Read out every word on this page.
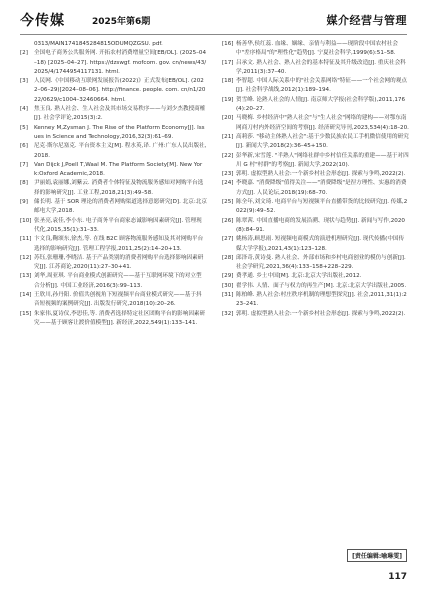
今传媒	2025年第6期	媒介经营与管理
0313/MAIN1741845284815ODUMQZGSU. pdf.
[2]	全国电子商务公共服务网. 开拓农村消费增量空间[EB/OL]. (2025–04–18) [2025–04–27]. https://dzswgf. mofcom. gov. cn/news/43/2025/4/1744954117131. html.
[3]	人民网.《中国移动互联网发展报告(2022)》正式发布[EB/OL]. (2022–06–29)[2024–08–06]. http://finance. people. com. cn/n1/2022/0629/c1004–32460664. html.
[4]	焦玉良. 熟人社会、生人社会及其市场交易秩序——与刘少杰教授商榷[J]. 社会学评论,2015(3):2.
[5]	Kenney M,Zysman J. The Rise of the Platform Economy[J]. Issues in Science and Technology,2016,32(3):61–69.
[6]	尼克·斯尔尼塞克. 平台资本主义[M]. 程水英,译. 广州:广东人民出版社,2018.
[7]	Van Dijck J,Poell T,Waal M. The Platform Society[M]. New York:Oxford Academic,2018.
[8]	尹丽娟,袁丽娜,刘紫云. 消费者个体特征及物流服务感知对网购平台选择的影响研究[J]. 工业工程,2018,21(3):49–58.
[9]	储长明. 基于 SOR 理论的消费者网购渠道选择意愿研究[D]. 北京:北京邮电大学,2018.
[10] 张圣亮,袁佳,李小东. 电子商务平台商家态诚影响因素研究[J]. 管理现代化,2015,35(1):31–33.
[11] 卞文良,鞠颂东,徐杰,等. 在线 B2C 顾客物流服务感知及其对网购平台选择的影响研究[J]. 管理工程学报,2011,25(2):14–20+13.
[12] 苏钰,张珊珊,李晓洁. 基于产品类别的消费者网购平台选择影响因素研究[J]. 江苏商论,2020(11):27–30+41.
[13] 刘华,周亚琪. 平台商业模式创新研究——基于互联网环境下的对立型合分析[J]. 中国工业经济,2016(3):99–113.
[14] 王欣川,孙丹阳. 价值共创视角下短视频平台商业模式研究——基于抖音短视频的案例研究[J]. 出版发行研究,2018(10):20–26.
[15] 朱家伟,夏诗仪,李思佳,等. 消费者选择特定社区团购平台的影响因素研究——基于顾客让渡价值模型[J]. 新经济,2022,549(1):133–141.
[16] 杨善华,侯红蕊. 血缘、姻缘、亲情与利益——现阶段中国农村社会中"差序格局"的"理性化"趋势[J]. 宁夏社会科学,1999(6):51–58.
[17] 吕承文. 熟人社会、熟人社会的基本特征及其升级改造[J]. 重庆社会科学,2011(3):37–40.
[18] 李智超. 中国人际关系中的"社会关系网络"特征——一个社会网的观点[J]. 社会科学战线,2012(1):189–194.
[19] 贺雪峰. 论熟人社会的人情[J]. 南京师大学报(社会科学版),2011,176(4):20–27.
[20] 马晓梅. 乡村经济中"熟人社会"与"生人社会"网络的建构——对鄂东南网商刀村内外经济空间的考察[J]. 经济研究导刊,2023,534(4):18–20.
[21] 高莉莎. "移动主体熟人社会":基于少数民族农民工手机微信使用的研究[J]. 新闻大学,2018(2):36–45+150.
[22] 彭华新,宋雪莲. "半熟人"网络社群中乡村信任关系的重建——基于对四川 G 村"村群"的考察[J]. 新闻大学,2022(10).
[23] 郭明. 虚拟型熟人社会:一个新乡村社会形态[J]. 探索与争鸣,2022(2).
[24] 李晓嘉. "消费降级"值得关注——"消费降级"是涅方理性、实惠的消费方式[J]. 人民论坛,2018(19):68–70.
[25] 陈全年,刘文琦. 电商平台与短视频平台直播带货的比较研究[J]. 传媒,2022(9):49–52.
[26] 陈翠茜. 中国直播电商的发展沿溯、现状与趋势[J]. 新闻与写作,2020(8):84–91.
[27] 姚杨涛,顾思雨. 短视频电商模式的演进机理研究[J]. 现代传播(中国传媒大学学报),2021,43(1):123–128.
[28] 邱泽奇,黄诗曼. 熟人社会、外部市场和乡村电商创业的模仿与创新[J]. 社会学研究,2021,36(4):133–158+228–229.
[29] 费孝通. 乡土中国[M]. 北京:北京大学出版社,2012.
[30] 翟学伟. 人情、面子与权力的再生产[M]. 北京:北京大学出版社,2005.
[31] 陈柏峰. 熟人社会:村庄秩序机制的理想型探究[J]. 社会,2011,31(1):223–241.
[32] 郭明. 虚拟型熟人社会:一个新乡村社会形态[J]. 探索与争鸣,2022(2).
[责任编辑:喻琳雯]
117
